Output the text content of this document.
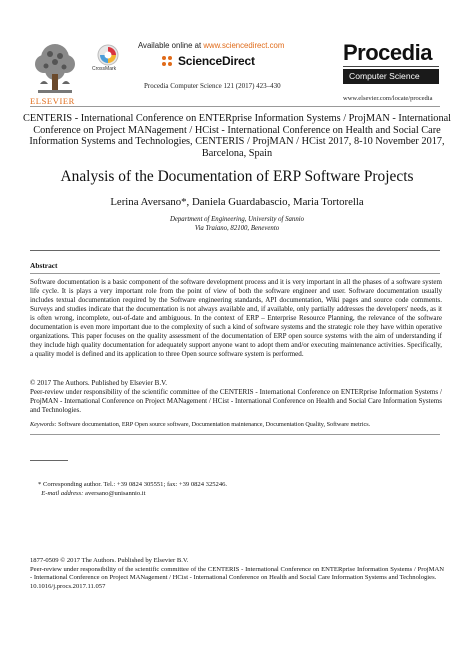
ELSEVIER
CrossMark
Available online at www.sciencedirect.com
ScienceDirect
Procedia Computer Science 121 (2017) 423–430
Procedia
Computer Science
www.elsevier.com/locate/procedia
CENTERIS - International Conference on ENTERprise Information Systems / ProjMAN - International Conference on Project MANagement / HCist - International Conference on Health and Social Care Information Systems and Technologies, CENTERIS / ProjMAN / HCist 2017, 8-10 November 2017, Barcelona, Spain
Analysis of the Documentation of ERP Software Projects
Lerina Aversano*, Daniela Guardabascio, Maria Tortorella
Department of Engineering, University of Sannio
Via Traiano, 82100, Benevento
Abstract
Software documentation is a basic component of the software development process and it is very important in all the phases of a software system life cycle. It is plays a very important role from the point of view of both the software engineer and user. Software documentation usually includes textual documentation required by the Software engineering standards, API documentation, Wiki pages and source code comments. Surveys and studies indicate that the documentation is not always available and, if available, only partially addresses the developers' needs, as it is often wrong, incomplete, out-of-date and ambiguous. In the context of ERP – Enterprise Resource Planning, the relevance of the software documentation is even more important due to the complexity of such a kind of software systems and the strategic role they have within operative organizations. This paper focuses on the quality assessment of the documentation of ERP open source systems with the aim of understanding if they include high quality documentation for adequately support anyone want to adopt them and/or executing maintenance activities. Specifically, a quality model is defined and its application to three Open source software system is performed.
© 2017 The Authors. Published by Elsevier B.V.
Peer-review under responsibility of the scientific committee of the CENTERIS - International Conference on ENTERprise Information Systems / ProjMAN - International Conference on Project MANagement / HCist - International Conference on Health and Social Care Information Systems and Technologies.
Keywords: Software documentation, ERP Open source software, Documentation maintenance, Documentation Quality, Software metrics.
* Corresponding author. Tel.: +39 0824 305551; fax: +39 0824 325246.
E-mail address: aversano@unisannio.it
1877-0509 © 2017 The Authors. Published by Elsevier B.V.
Peer-review under responsibility of the scientific committee of the CENTERIS - International Conference on ENTERprise Information Systems / ProjMAN - International Conference on Project MANagement / HCist - International Conference on Health and Social Care Information Systems and Technologies.
10.1016/j.procs.2017.11.057
